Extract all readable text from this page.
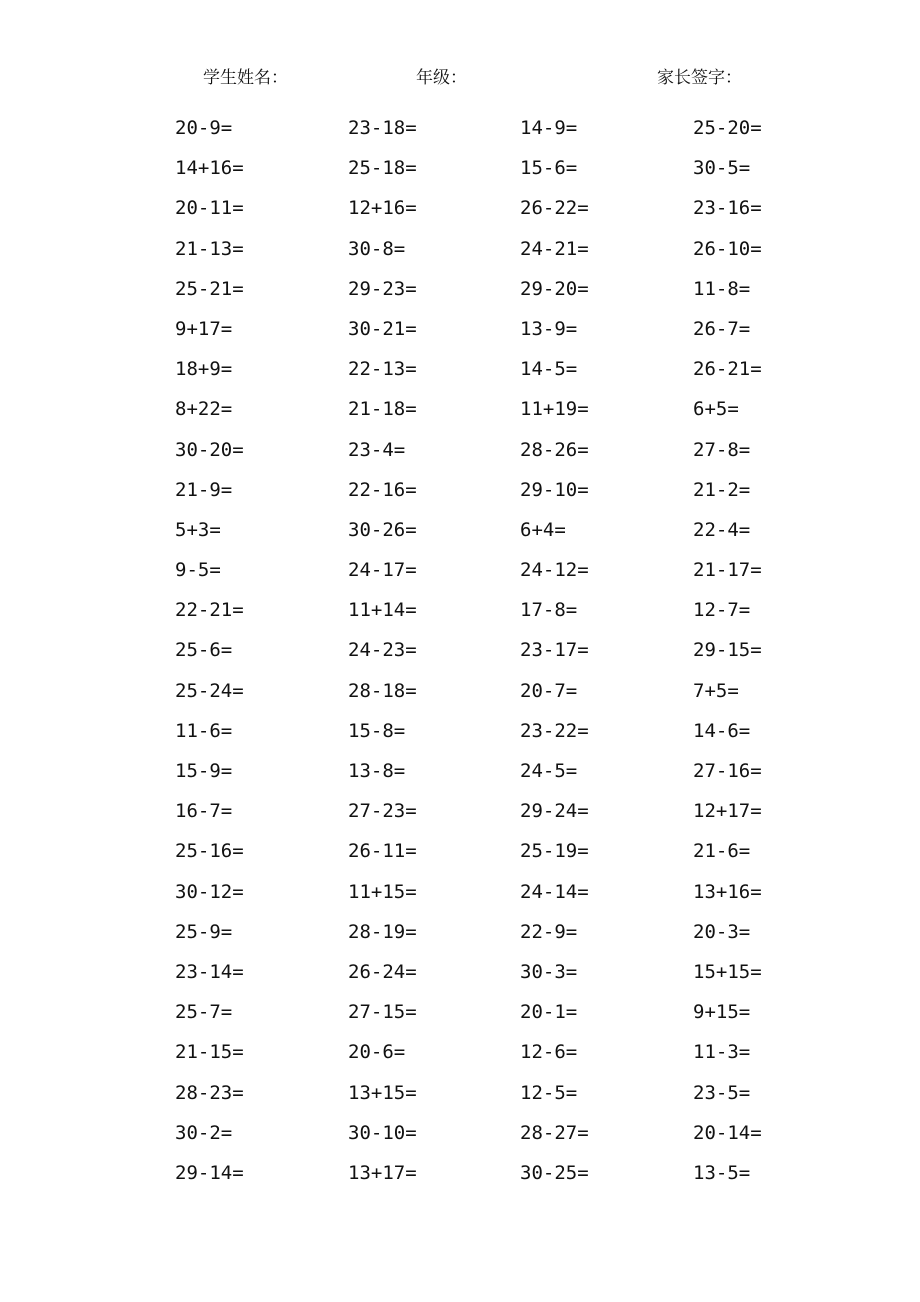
学生姓名：	年级：	家长签字：
20-9=	23-18=	14-9=	25-20=
14+16=	25-18=	15-6=	30-5=
20-11=	12+16=	26-22=	23-16=
21-13=	30-8=	24-21=	26-10=
25-21=	29-23=	29-20=	11-8=
9+17=	30-21=	13-9=	26-7=
18+9=	22-13=	14-5=	26-21=
8+22=	21-18=	11+19=	6+5=
30-20=	23-4=	28-26=	27-8=
21-9=	22-16=	29-10=	21-2=
5+3=	30-26=	6+4=	22-4=
9-5=	24-17=	24-12=	21-17=
22-21=	11+14=	17-8=	12-7=
25-6=	24-23=	23-17=	29-15=
25-24=	28-18=	20-7=	7+5=
11-6=	15-8=	23-22=	14-6=
15-9=	13-8=	24-5=	27-16=
16-7=	27-23=	29-24=	12+17=
25-16=	26-11=	25-19=	21-6=
30-12=	11+15=	24-14=	13+16=
25-9=	28-19=	22-9=	20-3=
23-14=	26-24=	30-3=	15+15=
25-7=	27-15=	20-1=	9+15=
21-15=	20-6=	12-6=	11-3=
28-23=	13+15=	12-5=	23-5=
30-2=	30-10=	28-27=	20-14=
29-14=	13+17=	30-25=	13-5=
